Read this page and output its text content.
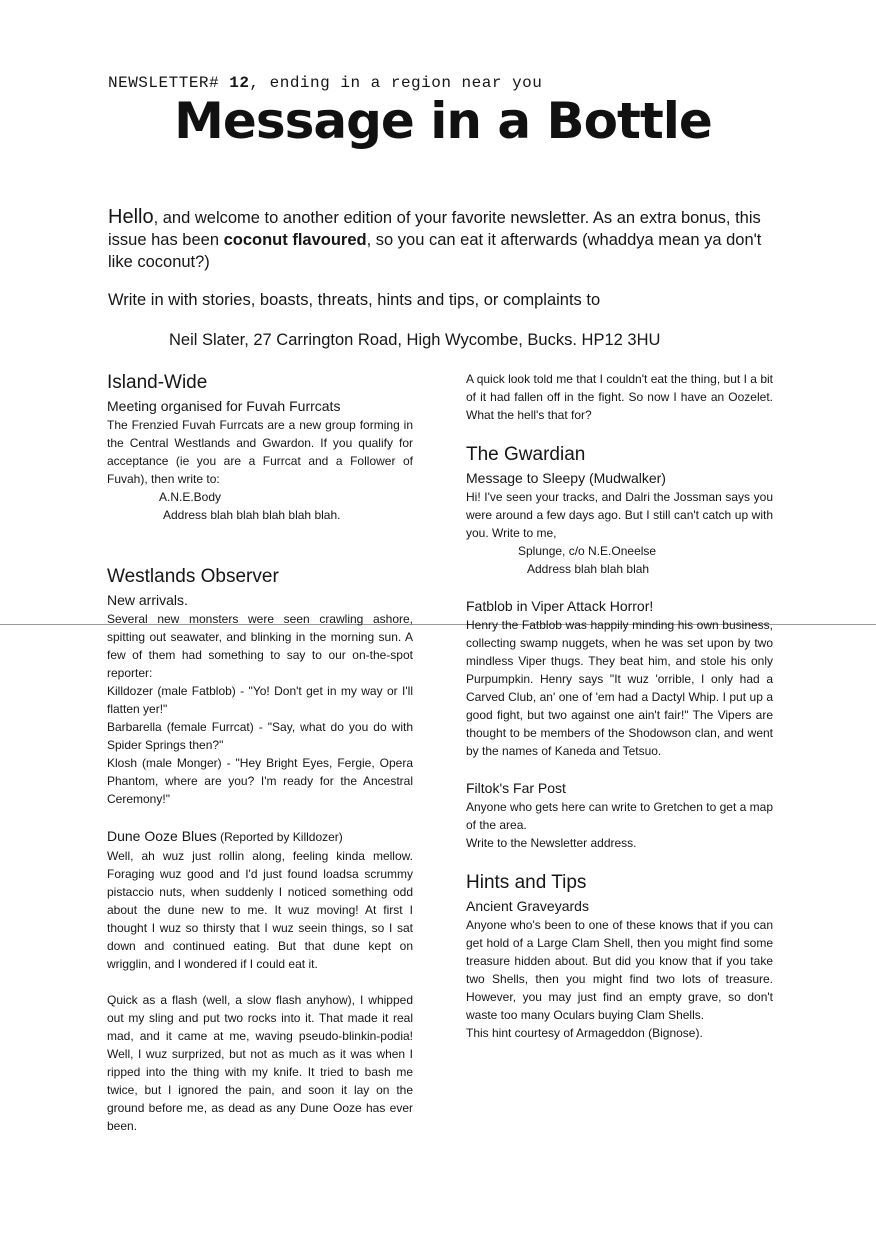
NEWSLETTER# 12, ending in a region near you
Message in a Bottle

Hello, and welcome to another edition of your favorite newsletter. As an extra bonus, this issue has been coconut flavoured, so you can eat it afterwards (whaddya mean ya don't like coconut?)

Write in with stories, boasts, threats, hints and tips, or complaints to
Neil Slater, 27 Carrington Road, High Wycombe, Bucks. HP12 3HU
Island-Wide
Meeting organised for Fuvah Furrcats

The Frenzied Fuvah Furrcats are a new group forming in the Central Westlands and Gwardon. If you qualify for acceptance (ie you are a Furrcat and a Follower of Fuvah), then write to:

A.N.E.Body

Address blah blah blah blah blah.

Westlands Observer
New arrivals.

Several new monsters were seen crawling ashore, spitting out seawater, and blinking in the morning sun. A few of them had something to say to our on-the-spot reporter:

Killdozer (male Fatblob) - "Yo! Don't get in my way or I'll flatten yer!"

Barbarella (female Furrcat) - "Say, what do you do with Spider Springs then?"

Klosh (male Monger) - "Hey Bright Eyes, Fergie, Opera Phantom, where are you? I'm ready for the Ancestral Ceremony!"

Dune Ooze Blues (Reported by Killdozer)

Well, ah wuz just rollin along, feeling kinda mellow. Foraging wuz good and I'd just found loadsa scrummy pistaccio nuts, when suddenly I noticed something odd about the dune new to me. It wuz moving! At first I thought I wuz so thirsty that I wuz seein things, so I sat down and continued eating. But that dune kept on wrigglin, and I wondered if I could eat it.

Quick as a flash (well, a slow flash anyhow), I whipped out my sling and put two rocks into it. That made it real mad, and it came at me, waving pseudo-blinkin-podia! Well, I wuz surprized, but not as much as it was when I ripped into the thing with my knife. It tried to bash me twice, but I ignored the pain, and soon it lay on the ground before me, as dead as any Dune Ooze has ever been.

A quick look told me that I couldn't eat the thing, but I a bit of it had fallen off in the fight. So now I have an Oozelet. What the hell's that for?

The Gwardian
Message to Sleepy (Mudwalker)

Hi! I've seen your tracks, and Dalri the Jossman says you were around a few days ago. But I still can't catch up with you. Write to me,

Splunge, c/o N.E.Oneelse

Address blah blah blah

Fatblob in Viper Attack Horror!

Henry the Fatblob was happily minding his own business, collecting swamp nuggets, when he was set upon by two mindless Viper thugs. They beat him, and stole his only Purpumpkin. Henry says "It wuz 'orrible, I only had a Carved Club, an' one of 'em had a Dactyl Whip. I put up a good fight, but two against one ain't fair!" The Vipers are thought to be members of the Shodowson clan, and went by the names of Kaneda and Tetsuo.

Filtok's Far Post

Anyone who gets here can write to Gretchen to get a map of the area.

Write to the Newsletter address.

Hints and Tips
Ancient Graveyards

Anyone who's been to one of these knows that if you can get hold of a Large Clam Shell, then you might find some treasure hidden about. But did you know that if you take two Shells, then you might find two lots of treasure. However, you may just find an empty grave, so don't waste too many Oculars buying Clam Shells.

This hint courtesy of Armageddon (Bignose).
